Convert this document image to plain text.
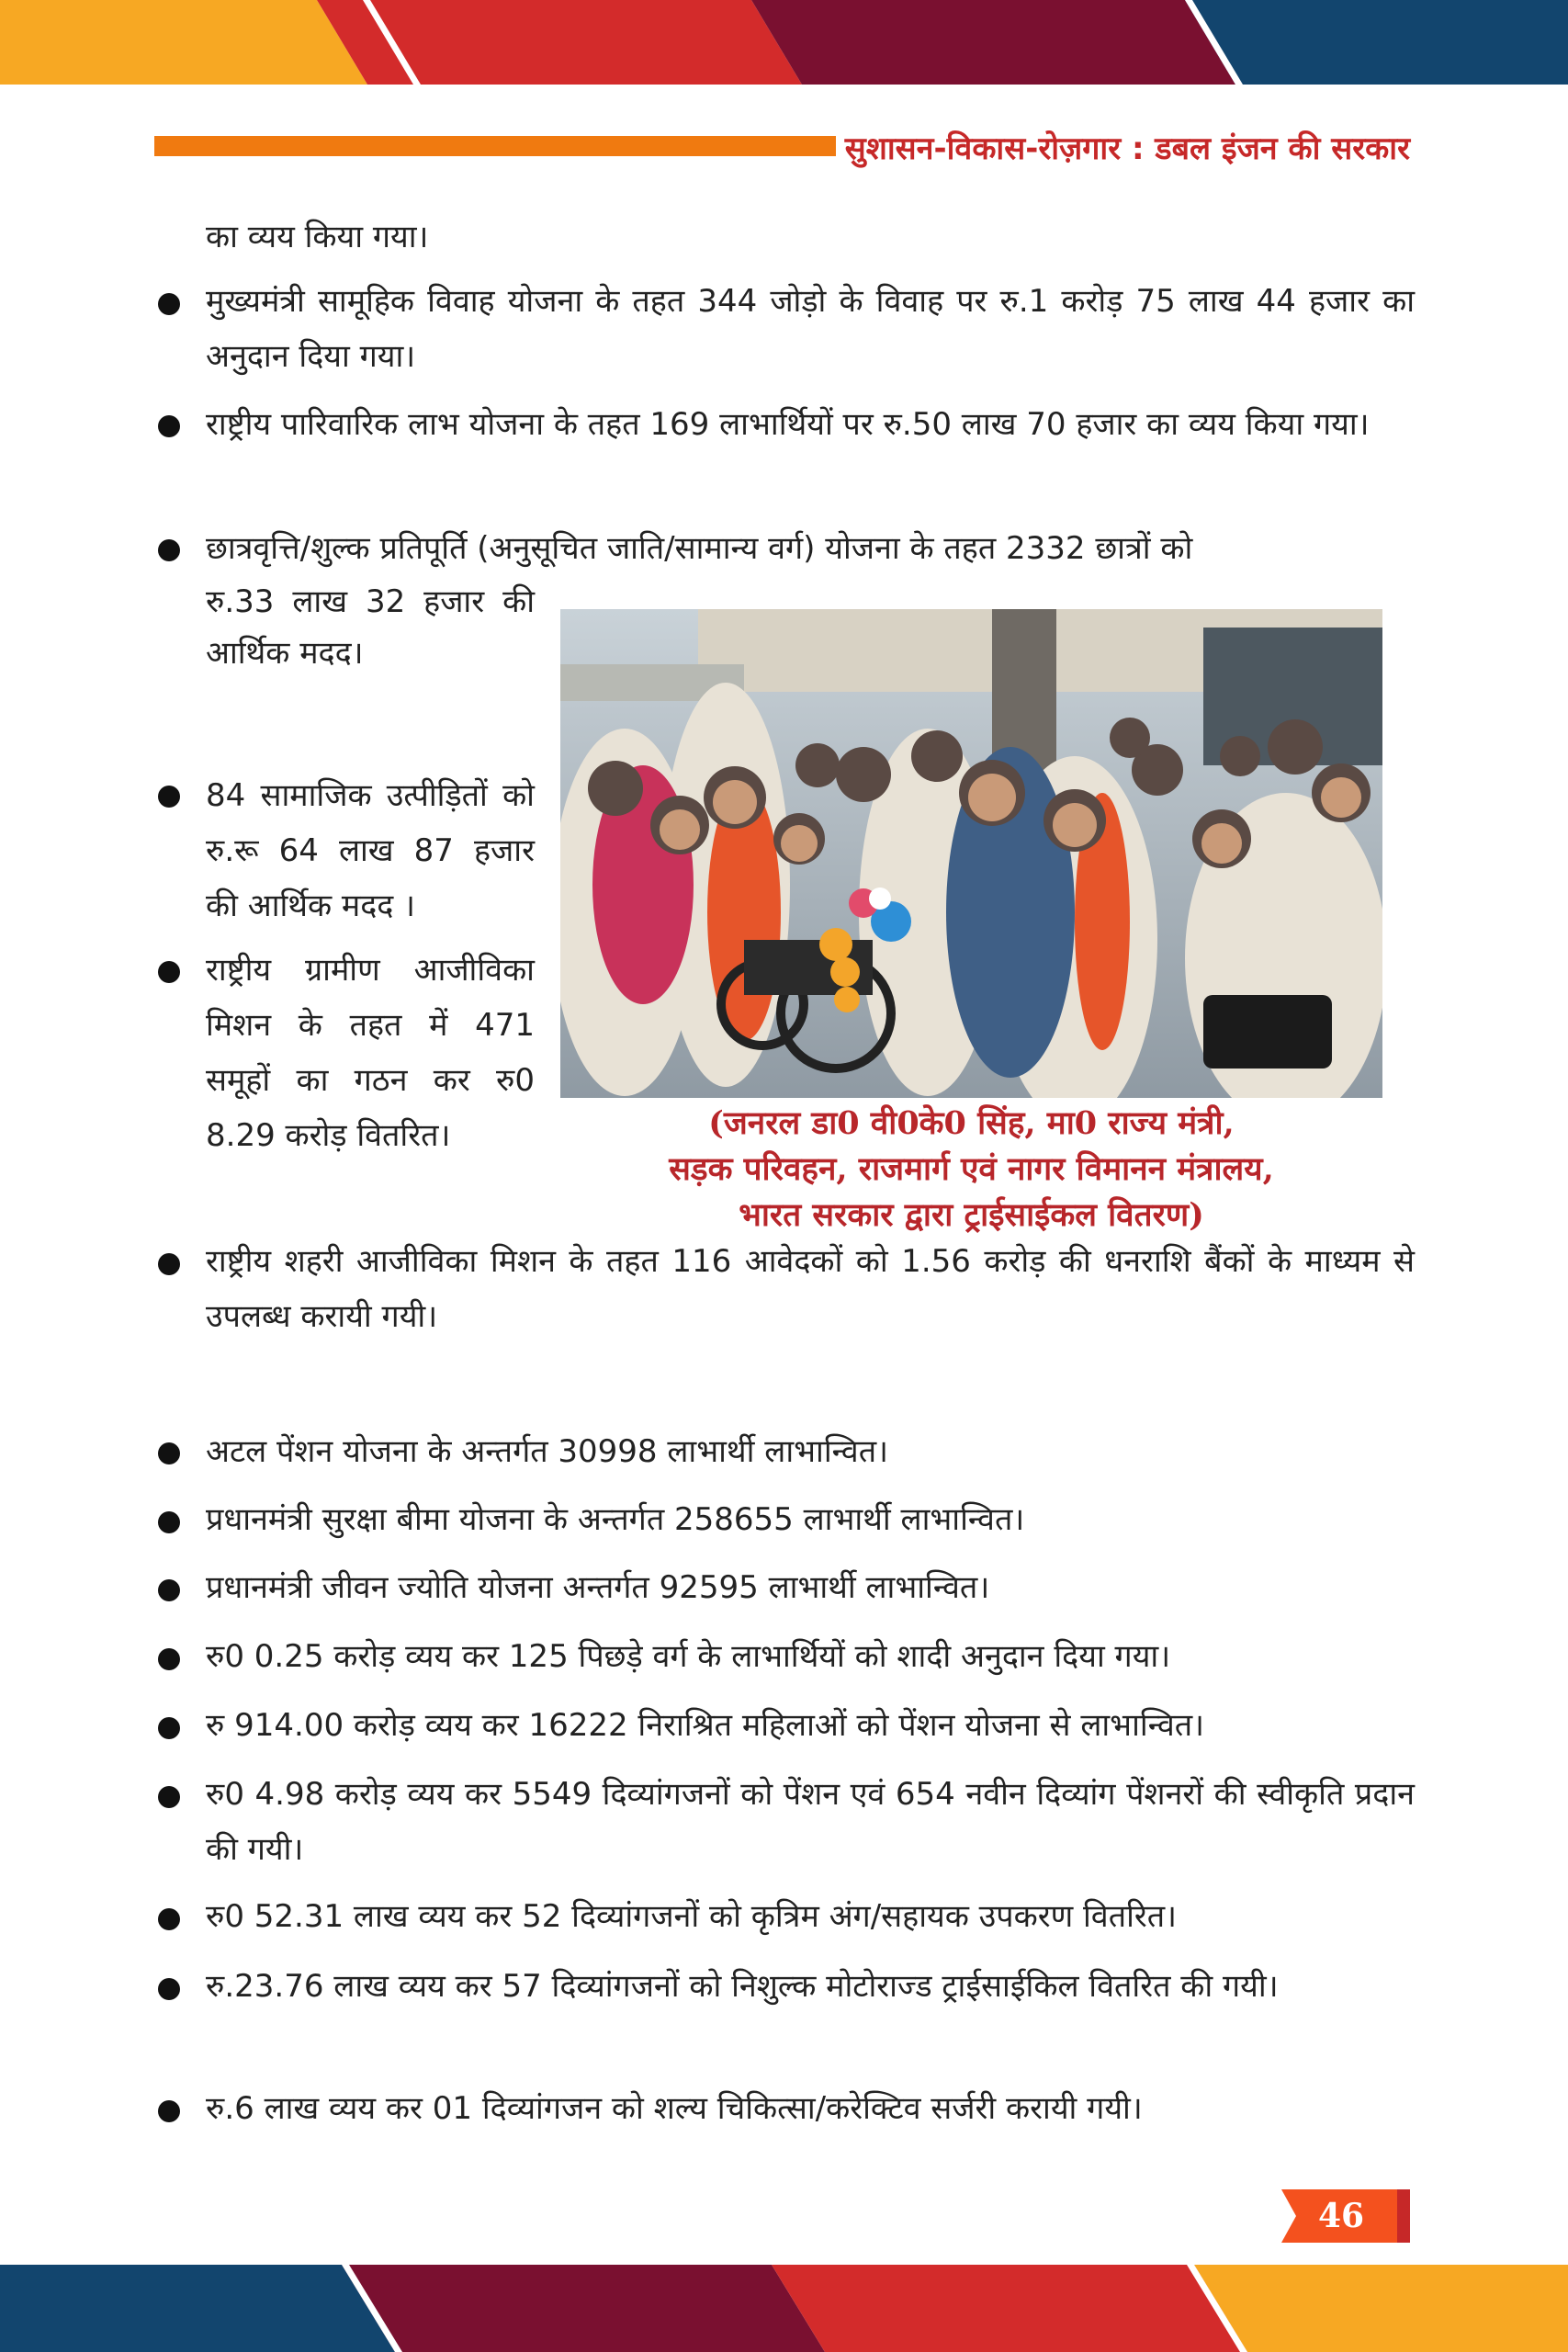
सुशासन-विकास-रोज़गार : डबल इंजन की सरकार
का व्यय किया गया।
मुख्यमंत्री सामूहिक विवाह योजना के तहत 344 जोड़ो के विवाह पर रु.1 करोड़ 75 लाख 44 हजार का अनुदान दिया गया।
राष्ट्रीय पारिवारिक लाभ योजना के तहत 169 लाभार्थियों पर रु.50 लाख 70 हजार का व्यय किया गया।
छात्रवृत्ति/शुल्क प्रतिपूर्ति (अनुसूचित जाति/सामान्य वर्ग) योजना के तहत 2332 छात्रों को
रु.33 लाख 32 हजार की आर्थिक मदद।
84 सामाजिक उत्पीड़ितों को रु.रू 64 लाख 87 हजार की आर्थिक मदद ।
राष्ट्रीय ग्रामीण आजीविका मिशन के तहत में 471 समूहों का गठन कर रु0 8.29 करोड़ वितरित।	(जनरल डा0 वी0के0 सिंह, मा0 राज्य मंत्री,
सड़क परिवहन, राजमार्ग एवं नागर विमानन मंत्रालय,
भारत सरकार द्वारा ट्राईसाईकल वितरण)
राष्ट्रीय शहरी आजीविका मिशन के तहत 116 आवेदकों को 1.56 करोड़ की धनराशि बैंकों के माध्यम से उपलब्ध करायी गयी।
अटल पेंशन योजना के अन्तर्गत 30998 लाभार्थी लाभान्वित।
प्रधानमंत्री सुरक्षा बीमा योजना के अन्तर्गत 258655 लाभार्थी लाभान्वित।
प्रधानमंत्री जीवन ज्योति योजना अन्तर्गत 92595 लाभार्थी लाभान्वित।
रु0 0.25 करोड़ व्यय कर 125 पिछड़े वर्ग के लाभार्थियों को शादी अनुदान दिया गया।
रु 914.00 करोड़ व्यय कर 16222 निराश्रित महिलाओं को पेंशन योजना से लाभान्वित।
रु0 4.98 करोड़ व्यय कर 5549 दिव्यांगजनों को पेंशन एवं 654 नवीन दिव्यांग पेंशनरों की स्वीकृति प्रदान की गयी।
रु0 52.31 लाख व्यय कर 52 दिव्यांगजनों को कृत्रिम अंग/सहायक उपकरण वितरित।
रु.23.76 लाख व्यय कर 57 दिव्यांगजनों को निशुल्क मोटोराज्ड ट्राईसाईकिल वितरित की गयी।
रु.6 लाख व्यय कर 01 दिव्यांगजन को शल्य चिकित्सा/करेक्टिव सर्जरी करायी गयी।
46
